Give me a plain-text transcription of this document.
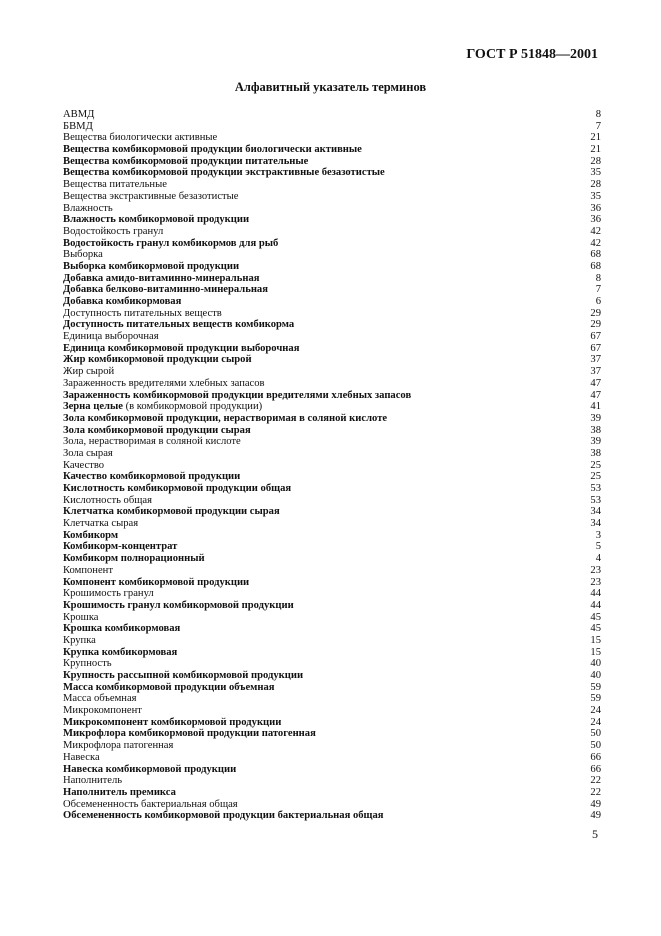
ГОСТ Р 51848—2001
Алфавитный указатель терминов
АВМД	8
БВМД	7
Вещества биологически активные	21
Вещества комбикормовой продукции биологически активные	21
Вещества комбикормовой продукции питательные	28
Вещества комбикормовой продукции экстрактивные безазотистые	35
Вещества питательные	28
Вещества экстрактивные безазотистые	35
Влажность	36
Влажность комбикормовой продукции	36
Водостойкость гранул	42
Водостойкость гранул комбикормов для рыб	42
Выборка	68
Выборка комбикормовой продукции	68
Добавка амидо-витаминно-минеральная	8
Добавка белково-витаминно-минеральная	7
Добавка комбикормовая	6
Доступность питательных веществ	29
Доступность питательных веществ комбикорма	29
Единица выборочная	67
Единица комбикормовой продукции выборочная	67
Жир комбикормовой продукции сырой	37
Жир сырой	37
Зараженность вредителями хлебных запасов	47
Зараженность комбикормовой продукции вредителями хлебных запасов	47
Зерна целые (в комбикормовой продукции)	41
Зола комбикормовой продукции, нерастворимая в соляной кислоте	39
Зола комбикормовой продукции сырая	38
Зола, нерастворимая в соляной кислоте	39
Зола сырая	38
Качество	25
Качество комбикормовой продукции	25
Кислотность комбикормовой продукции общая	53
Кислотность общая	53
Клетчатка комбикормовой продукции сырая	34
Клетчатка сырая	34
Комбикорм	3
Комбикорм-концентрат	5
Комбикорм полнорационный	4
Компонент	23
Компонент комбикормовой продукции	23
Крошимость гранул	44
Крошимость гранул комбикормовой продукции	44
Крошка	45
Крошка комбикормовая	45
Крупка	15
Крупка комбикормовая	15
Крупность	40
Крупность рассыпной комбикормовой продукции	40
Масса комбикормовой продукции объемная	59
Масса объемная	59
Микрокомпонент	24
Микрокомпонент комбикормовой продукции	24
Микрофлора комбикормовой продукции патогенная	50
Микрофлора патогенная	50
Навеска	66
Навеска комбикормовой продукции	66
Наполнитель	22
Наполнитель премикса	22
Обсемененность бактериальная общая	49
Обсемененность комбикормовой продукции бактериальная общая	49
5
